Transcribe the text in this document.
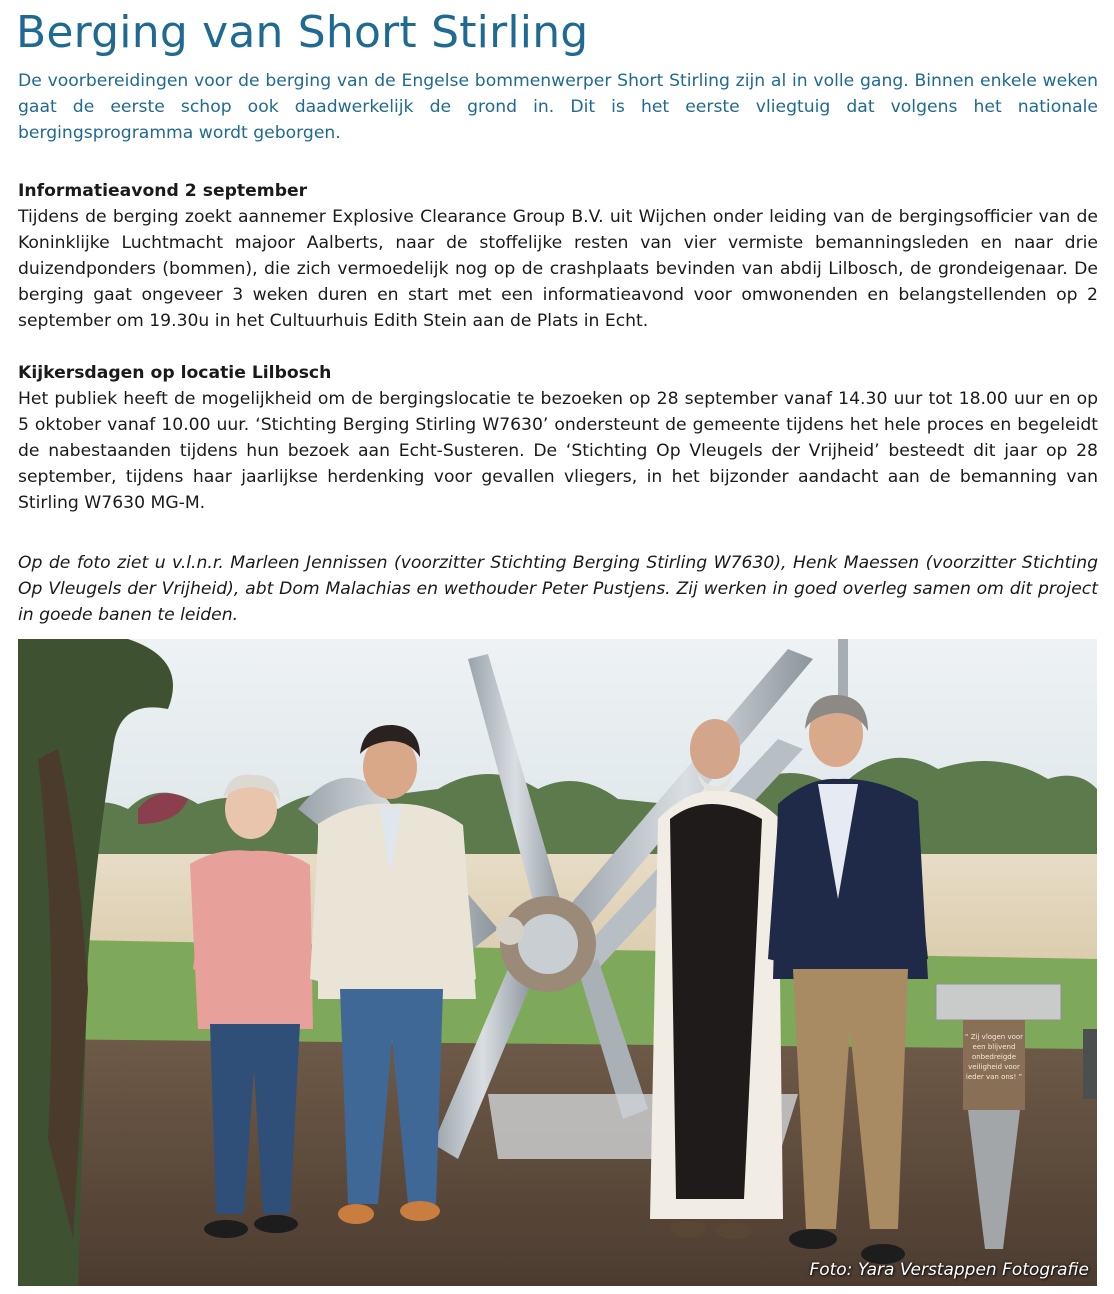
Berging van Short Stirling

De voorbereidingen voor de berging van de Engelse bommenwerper Short Stirling zijn al in volle gang. Binnen enkele weken gaat de eerste schop ook daadwerkelijk de grond in. Dit is het eerste vliegtuig dat volgens het nationale bergingsprogramma wordt geborgen.

Informatieavond 2 september

Tijdens de berging zoekt aannemer Explosive Clearance Group B.V. uit Wijchen onder leiding van de bergingsofficier van de Koninklijke Luchtmacht majoor Aalberts, naar de stoffelijke resten van vier vermiste bemanningsleden en naar drie duizendponders (bommen), die zich vermoedelijk nog op de crashplaats bevinden van abdij Lilbosch, de grondeigenaar. De berging gaat ongeveer 3 weken duren en start met een informatieavond voor omwonenden en belangstellenden op 2 september om 19.30u in het Cultuurhuis Edith Stein aan de Plats in Echt.

Kijkersdagen op locatie Lilbosch

Het publiek heeft de mogelijkheid om de bergingslocatie te bezoeken op 28 september vanaf 14.30 uur tot 18.00 uur en op 5 oktober vanaf 10.00 uur. ‘Stichting Berging Stirling W7630’ ondersteunt de gemeente tijdens het hele proces en begeleidt de nabestaanden tijdens hun bezoek aan Echt-Susteren. De ‘Stichting Op Vleugels der Vrijheid’ besteedt dit jaar op 28 september, tijdens haar jaarlijkse herdenking voor gevallen vliegers, in het bijzonder aandacht aan de bemanning van Stirling W7630 MG-M.

Op de foto ziet u v.l.n.r. Marleen Jennissen (voorzitter Stichting Berging Stirling W7630), Henk Maessen (voorzitter Stichting Op Vleugels der Vrijheid), abt Dom Malachias en wethouder Peter Pustjens. Zij werken in goed overleg samen om dit project in goede banen te leiden.

“ Zij vlogen voor
een blijvend
onbedreigde
veiligheid voor
ieder van ons! ”
Foto: Yara Verstappen Fotografie
